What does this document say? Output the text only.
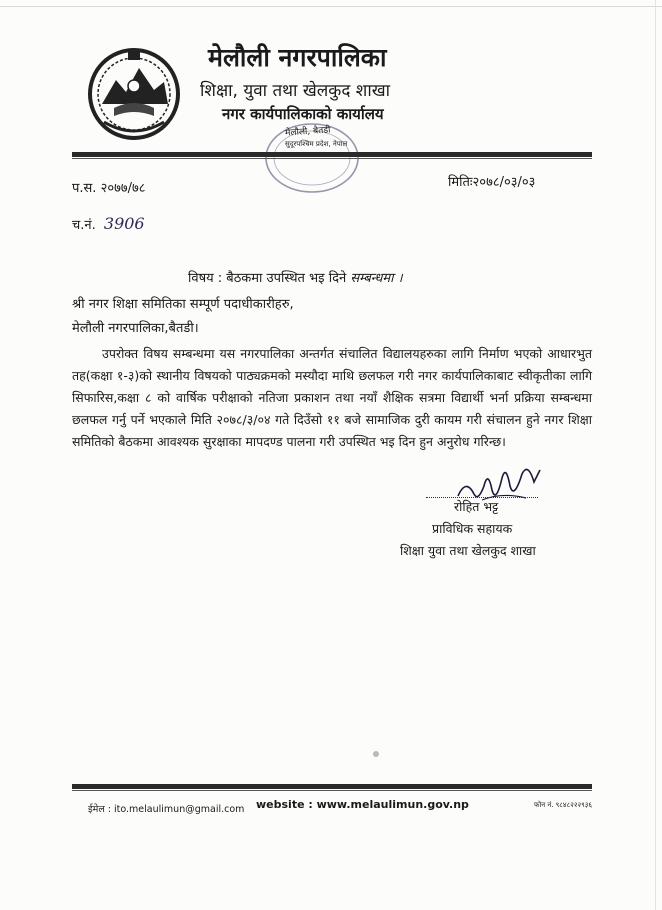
मेलौली नगरपालिका
शिक्षा, युवा तथा खेलकुद शाखा
नगर कार्यपालिकाको कार्यालय
मेलौली, बैतडी
सुदूरपश्चिम प्रदेश, नेपाल
प.स. २०७७/७८	मितिः२०७८/०३/०३
च.नं. 3906
विषय : बैठकमा उपस्थित भइ दिने सम्बन्धमा ।
श्री नगर शिक्षा समितिका सम्पूर्ण पदाधीकारीहरु,
मेलौली नगरपालिका,बैतडी।
उपरोक्त विषय सम्बन्धमा यस नगरपालिका अन्तर्गत संचालित विद्यालयहरुका लागि निर्माण भएको आधारभुत तह(कक्षा १-३)को स्थानीय विषयको पाठ्यक्रमको मस्यौदा माथि छलफल गरी नगर कार्यपालिकाबाट स्वीकृतीका लागि सिफारिस,कक्षा ८ को वार्षिक परीक्षाको नतिजा प्रकाशन तथा नयाँ शैक्षिक सत्रमा विद्यार्थी भर्ना प्रक्रिया सम्बन्धमा छलफल गर्नु पर्ने भएकाले मिति २०७८/३/०४ गते दिउँसो ११ बजे सामाजिक दुरी कायम गरी संचालन हुने नगर शिक्षा समितिको बैठकमा आवश्यक सुरक्षाका मापदण्ड पालना गरी उपस्थित भइ दिन हुन अनुरोध गरिन्छ।
रोहित भट्ट
प्राविधिक सहायक
शिक्षा युवा तथा खेलकुद शाखा
ईमेल : ito.melaulimun@gmail.com website : www.melaulimun.gov.np	फोन नं. ९८४८२२२९३६
